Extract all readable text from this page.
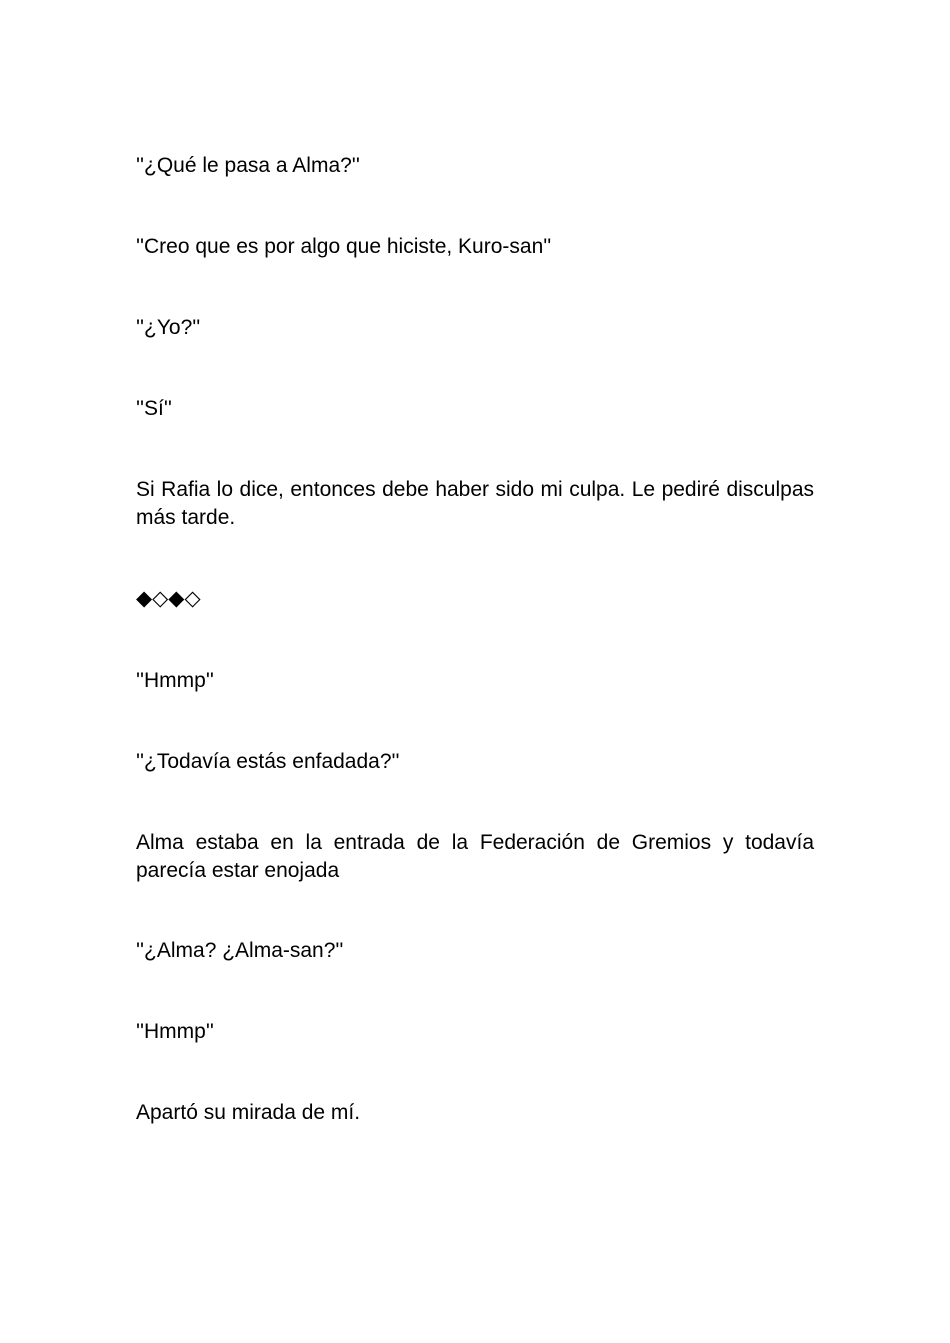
''¿Qué le pasa a Alma?''

''Creo que es por algo que hiciste, Kuro-san''

''¿Yo?''

''Sí''

Si Rafia lo dice, entonces debe haber sido mi culpa. Le pediré disculpas más tarde.

◆◇◆◇

''Hmmp''

''¿Todavía estás enfadada?''

Alma estaba en la entrada de la Federación de Gremios y todavía parecía estar enojada

''¿Alma? ¿Alma-san?''

''Hmmp''

Apartó su mirada de mí.
